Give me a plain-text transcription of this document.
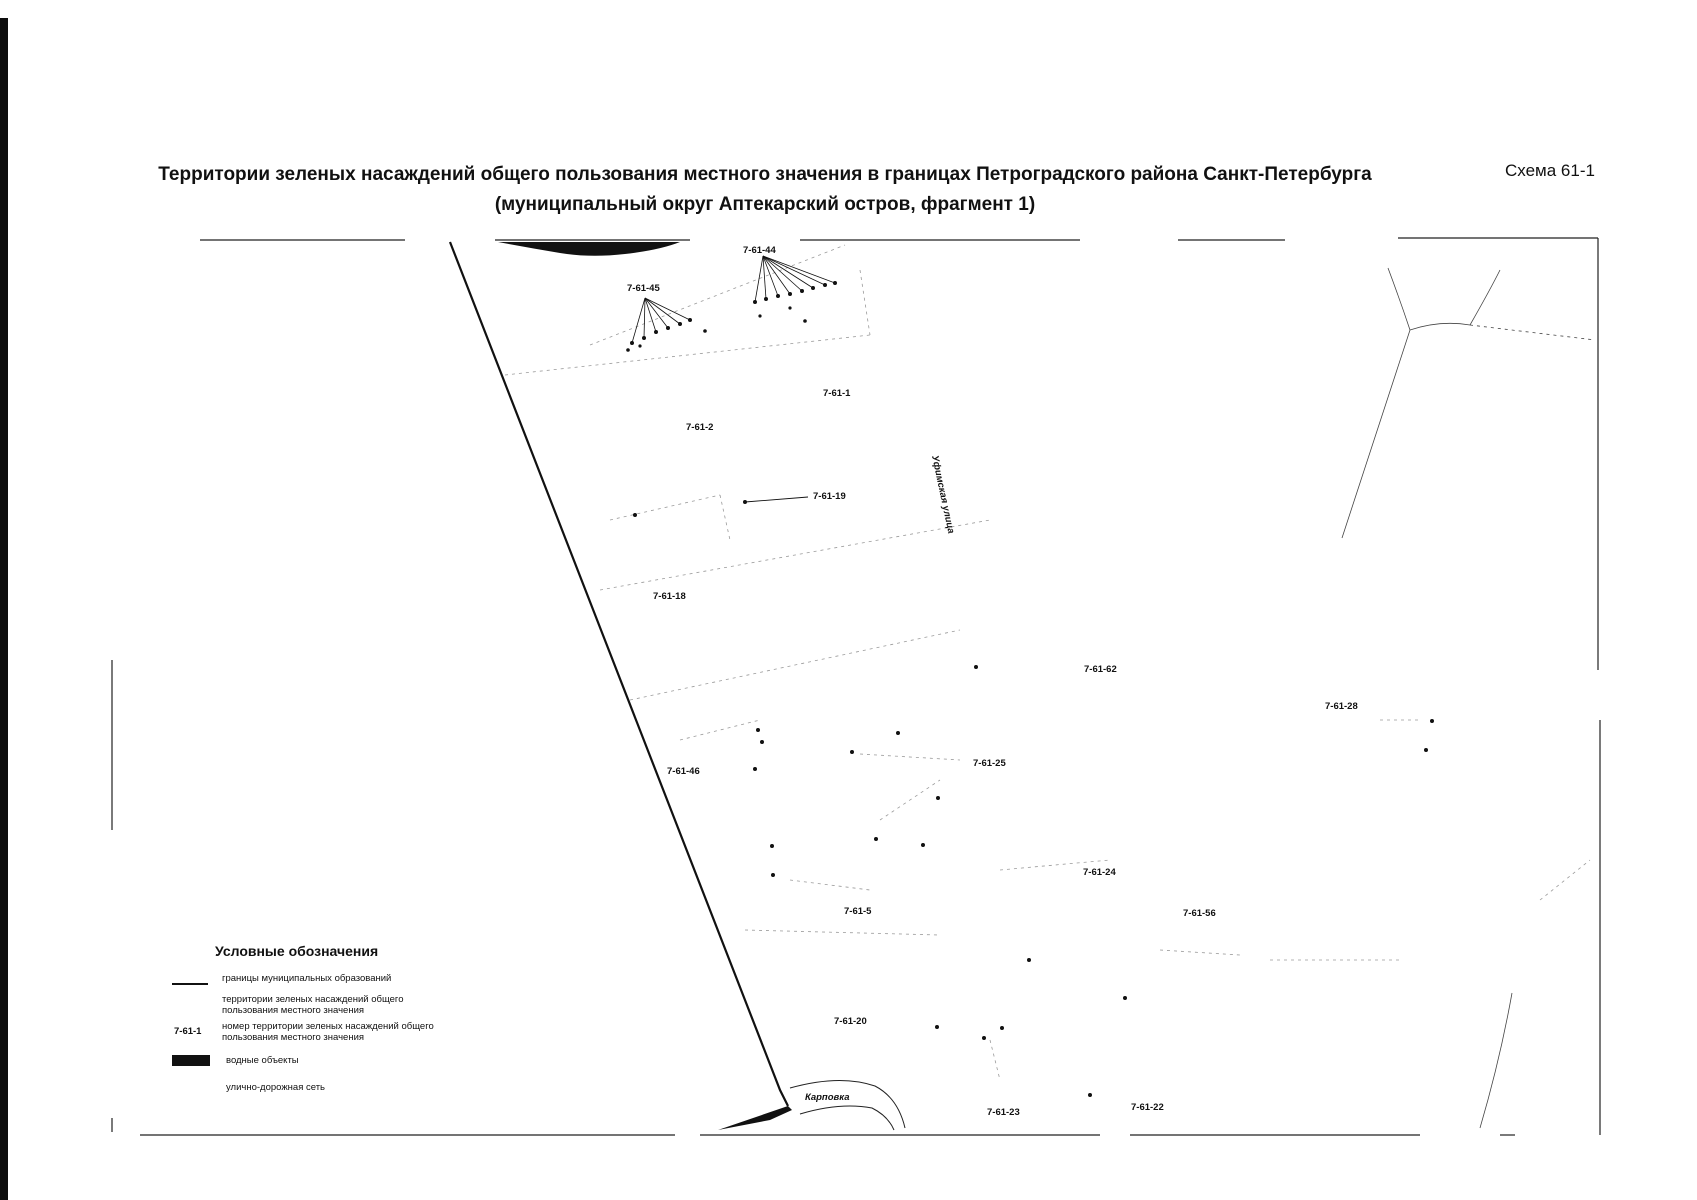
Территории зеленых насаждений общего пользования местного значения в границах Петроградского района Санкт-Петербурга
(муниципальный округ Аптекарский остров, фрагмент 1)
Схема 61-1
Карповка
Уфимская улица
7-61-44
7-61-45
7-61-1
7-61-2
7-61-19
7-61-18
7-61-62
7-61-28
7-61-46
7-61-25
7-61-24
7-61-5	7-61-56
7-61-20
7-61-23	7-61-22
Условные обозначения
границы муниципальных образований
территории зеленых насаждений общего
пользования местного значения
7-61-1 номер территории зеленых насаждений общего
пользования местного значения
водные объекты
улично-дорожная сеть
